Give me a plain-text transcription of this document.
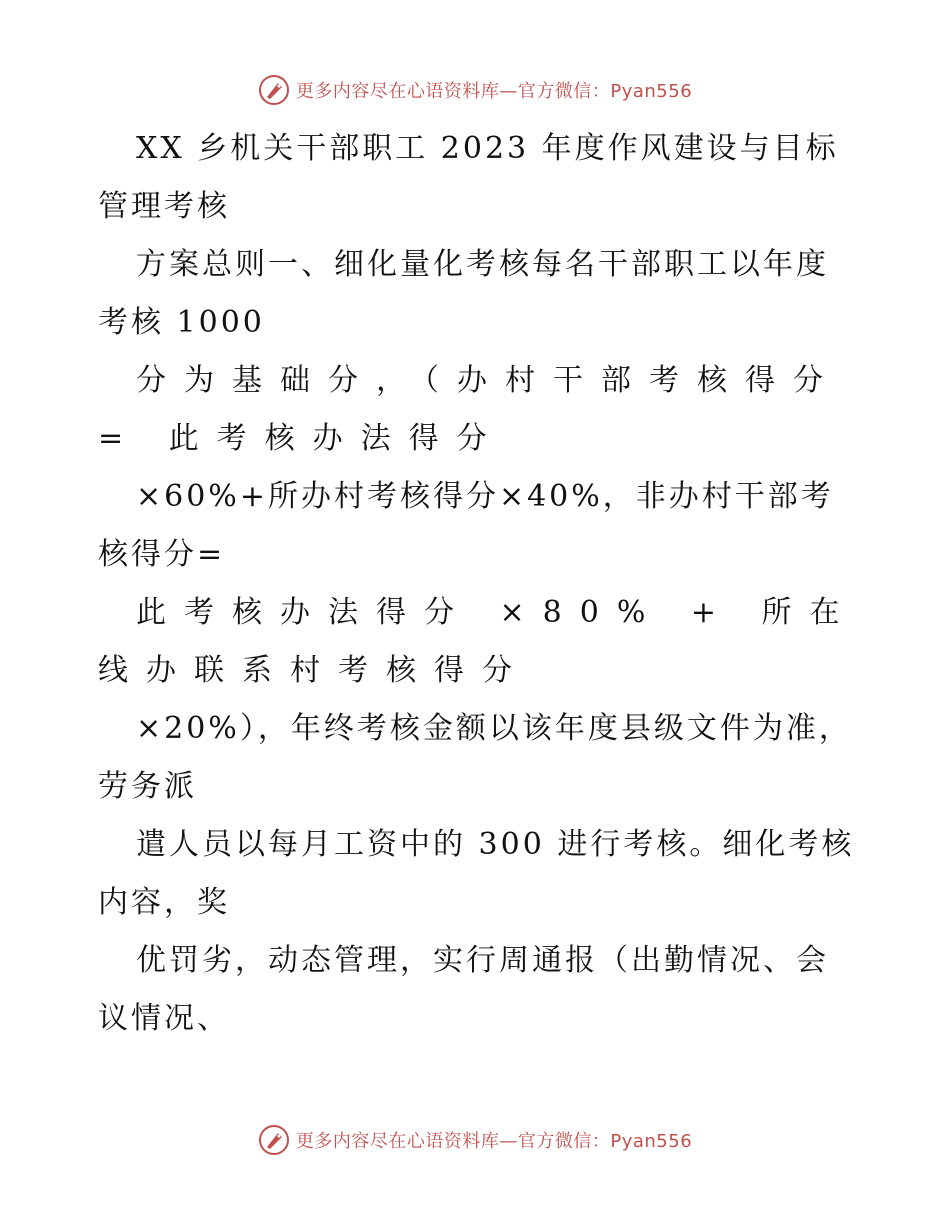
更多内容尽在心语资料库—官方微信：Pyan556

XX 乡机关干部职工 2023 年度作风建设与目标管理考核

方案总则一、细化量化考核每名干部职工以年度考核 1000

分为基础分，（办村干部考核得分 = 此考核办法得分

×60%+所办村考核得分×40%，非办村干部考核得分=

此考核办法得分 ×80% + 所在线办联系村考核得分

×20%），年终考核金额以该年度县级文件为准，劳务派

遣人员以每月工资中的 300 进行考核。细化考核内容，奖

优罚劣，动态管理，实行周通报（出勤情况、会议情况、

更多内容尽在心语资料库—官方微信：Pyan556
